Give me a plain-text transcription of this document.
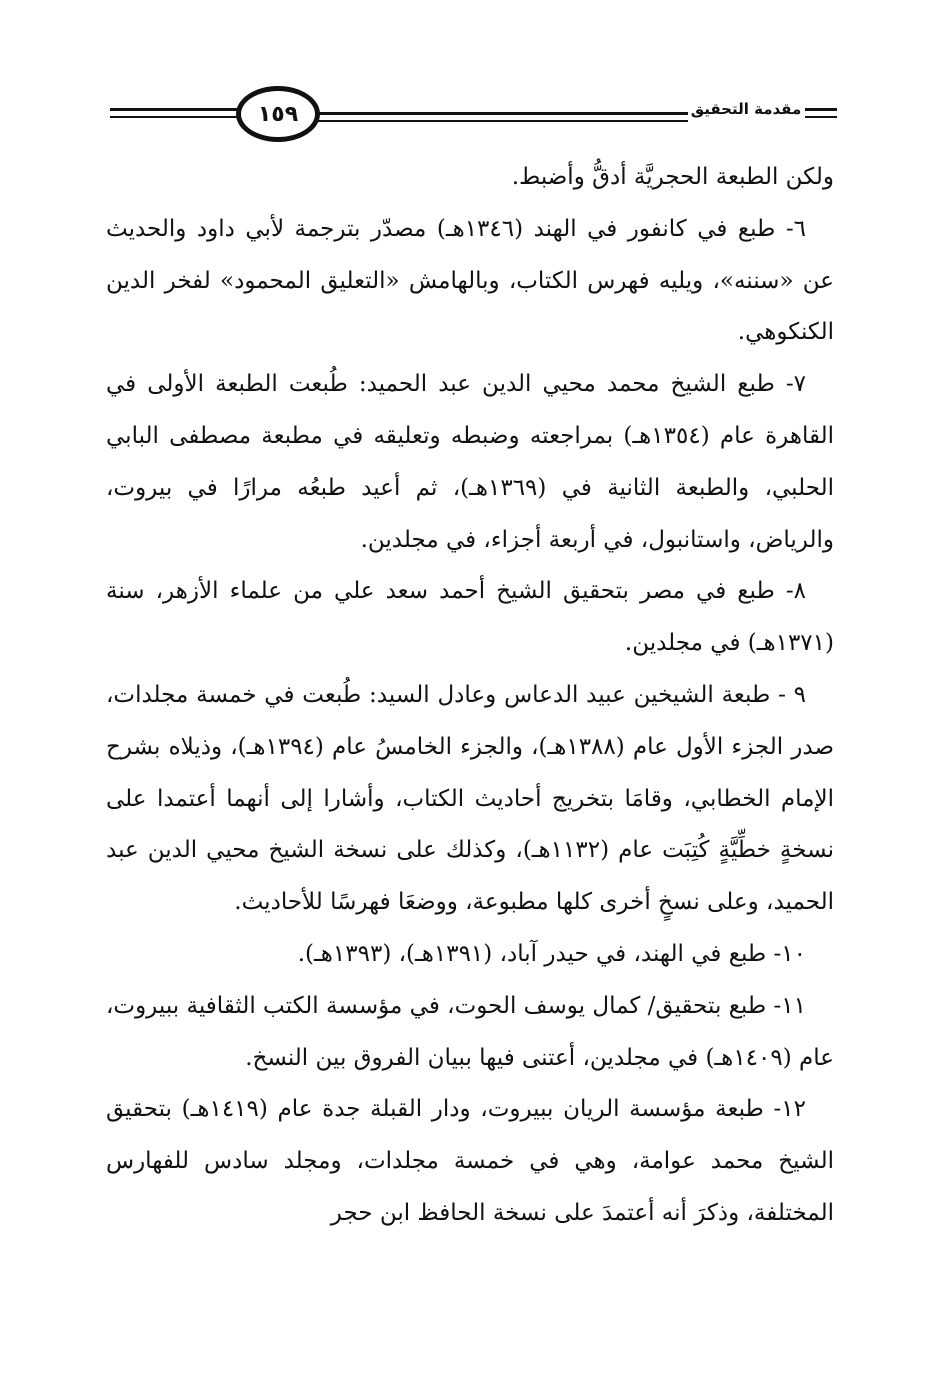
١٥٩	مقدمة التحقيق

ولكن الطبعة الحجريَّة أدقُّ وأضبط.

٦- طبع في كانفور في الهند (١٣٤٦هـ) مصدّر بترجمة لأبي داود والحديث عن «سننه»، ويليه فهرس الكتاب، وبالهامش «التعليق المحمود» لفخر الدين الكنكوهي.

٧- طبع الشيخ محمد محيي الدين عبد الحميد: طُبعت الطبعة الأولى في القاهرة عام (١٣٥٤هـ) بمراجعته وضبطه وتعليقه في مطبعة مصطفى البابي الحلبي، والطبعة الثانية في (١٣٦٩هـ)، ثم أعيد طبعُه مرارًا في بيروت، والرياض، واستانبول، في أربعة أجزاء، في مجلدين.

٨- طبع في مصر بتحقيق الشيخ أحمد سعد علي من علماء الأزهر، سنة (١٣٧١هـ) في مجلدين.

٩ - طبعة الشيخين عبيد الدعاس وعادل السيد: طُبعت في خمسة مجلدات، صدر الجزء الأول عام (١٣٨٨هـ)، والجزء الخامسُ عام (١٣٩٤هـ)، وذيلاه بشرح الإمام الخطابي، وقامَا بتخريج أحاديث الكتاب، وأشارا إلى أنهما أعتمدا على نسخةٍ خطِّيَّةٍ كُتِبَت عام (١١٣٢هـ)، وكذلك على نسخة الشيخ محيي الدين عبد الحميد، وعلى نسخٍ أخرى كلها مطبوعة، ووضعَا فهرسًا للأحاديث.

١٠- طبع في الهند، في حيدر آباد، (١٣٩١هـ)، (١٣٩٣هـ).

١١- طبع بتحقيق/ كمال يوسف الحوت، في مؤسسة الكتب الثقافية ببيروت، عام (١٤٠٩هـ) في مجلدين، أعتنى فيها ببيان الفروق بين النسخ.

١٢- طبعة مؤسسة الريان ببيروت، ودار القبلة جدة عام (١٤١٩هـ) بتحقيق الشيخ محمد عوامة، وهي في خمسة مجلدات، ومجلد سادس للفهارس المختلفة، وذكرَ أنه أعتمدَ على نسخة الحافظ ابن حجر
